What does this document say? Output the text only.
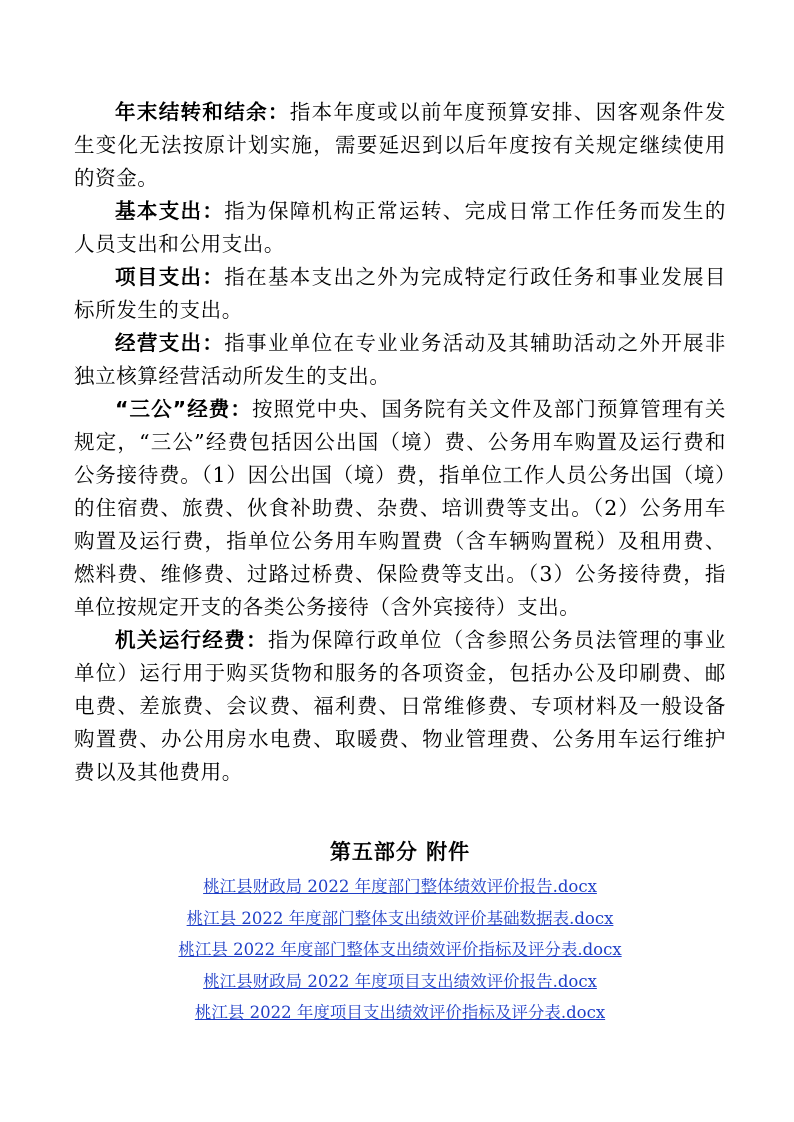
年末结转和结余：指本年度或以前年度预算安排、因客观条件发生变化无法按原计划实施，需要延迟到以后年度按有关规定继续使用的资金。

基本支出：指为保障机构正常运转、完成日常工作任务而发生的人员支出和公用支出。

项目支出：指在基本支出之外为完成特定行政任务和事业发展目标所发生的支出。

经营支出：指事业单位在专业业务活动及其辅助活动之外开展非独立核算经营活动所发生的支出。

“三公”经费：按照党中央、国务院有关文件及部门预算管理有关规定，“三公”经费包括因公出国（境）费、公务用车购置及运行费和公务接待费。（1）因公出国（境）费，指单位工作人员公务出国（境）的住宿费、旅费、伙食补助费、杂费、培训费等支出。（2）公务用车购置及运行费，指单位公务用车购置费（含车辆购置税）及租用费、燃料费、维修费、过路过桥费、保险费等支出。（3）公务接待费，指单位按规定开支的各类公务接待（含外宾接待）支出。

机关运行经费：指为保障行政单位（含参照公务员法管理的事业单位）运行用于购买货物和服务的各项资金，包括办公及印刷费、邮电费、差旅费、会议费、福利费、日常维修费、专项材料及一般设备购置费、办公用房水电费、取暖费、物业管理费、公务用车运行维护费以及其他费用。

第五部分 附件
桃江县财政局 2022 年度部门整体绩效评价报告.docx
桃江县 2022 年度部门整体支出绩效评价基础数据表.docx
桃江县 2022 年度部门整体支出绩效评价指标及评分表.docx
桃江县财政局 2022 年度项目支出绩效评价报告.docx
桃江县 2022 年度项目支出绩效评价指标及评分表.docx
